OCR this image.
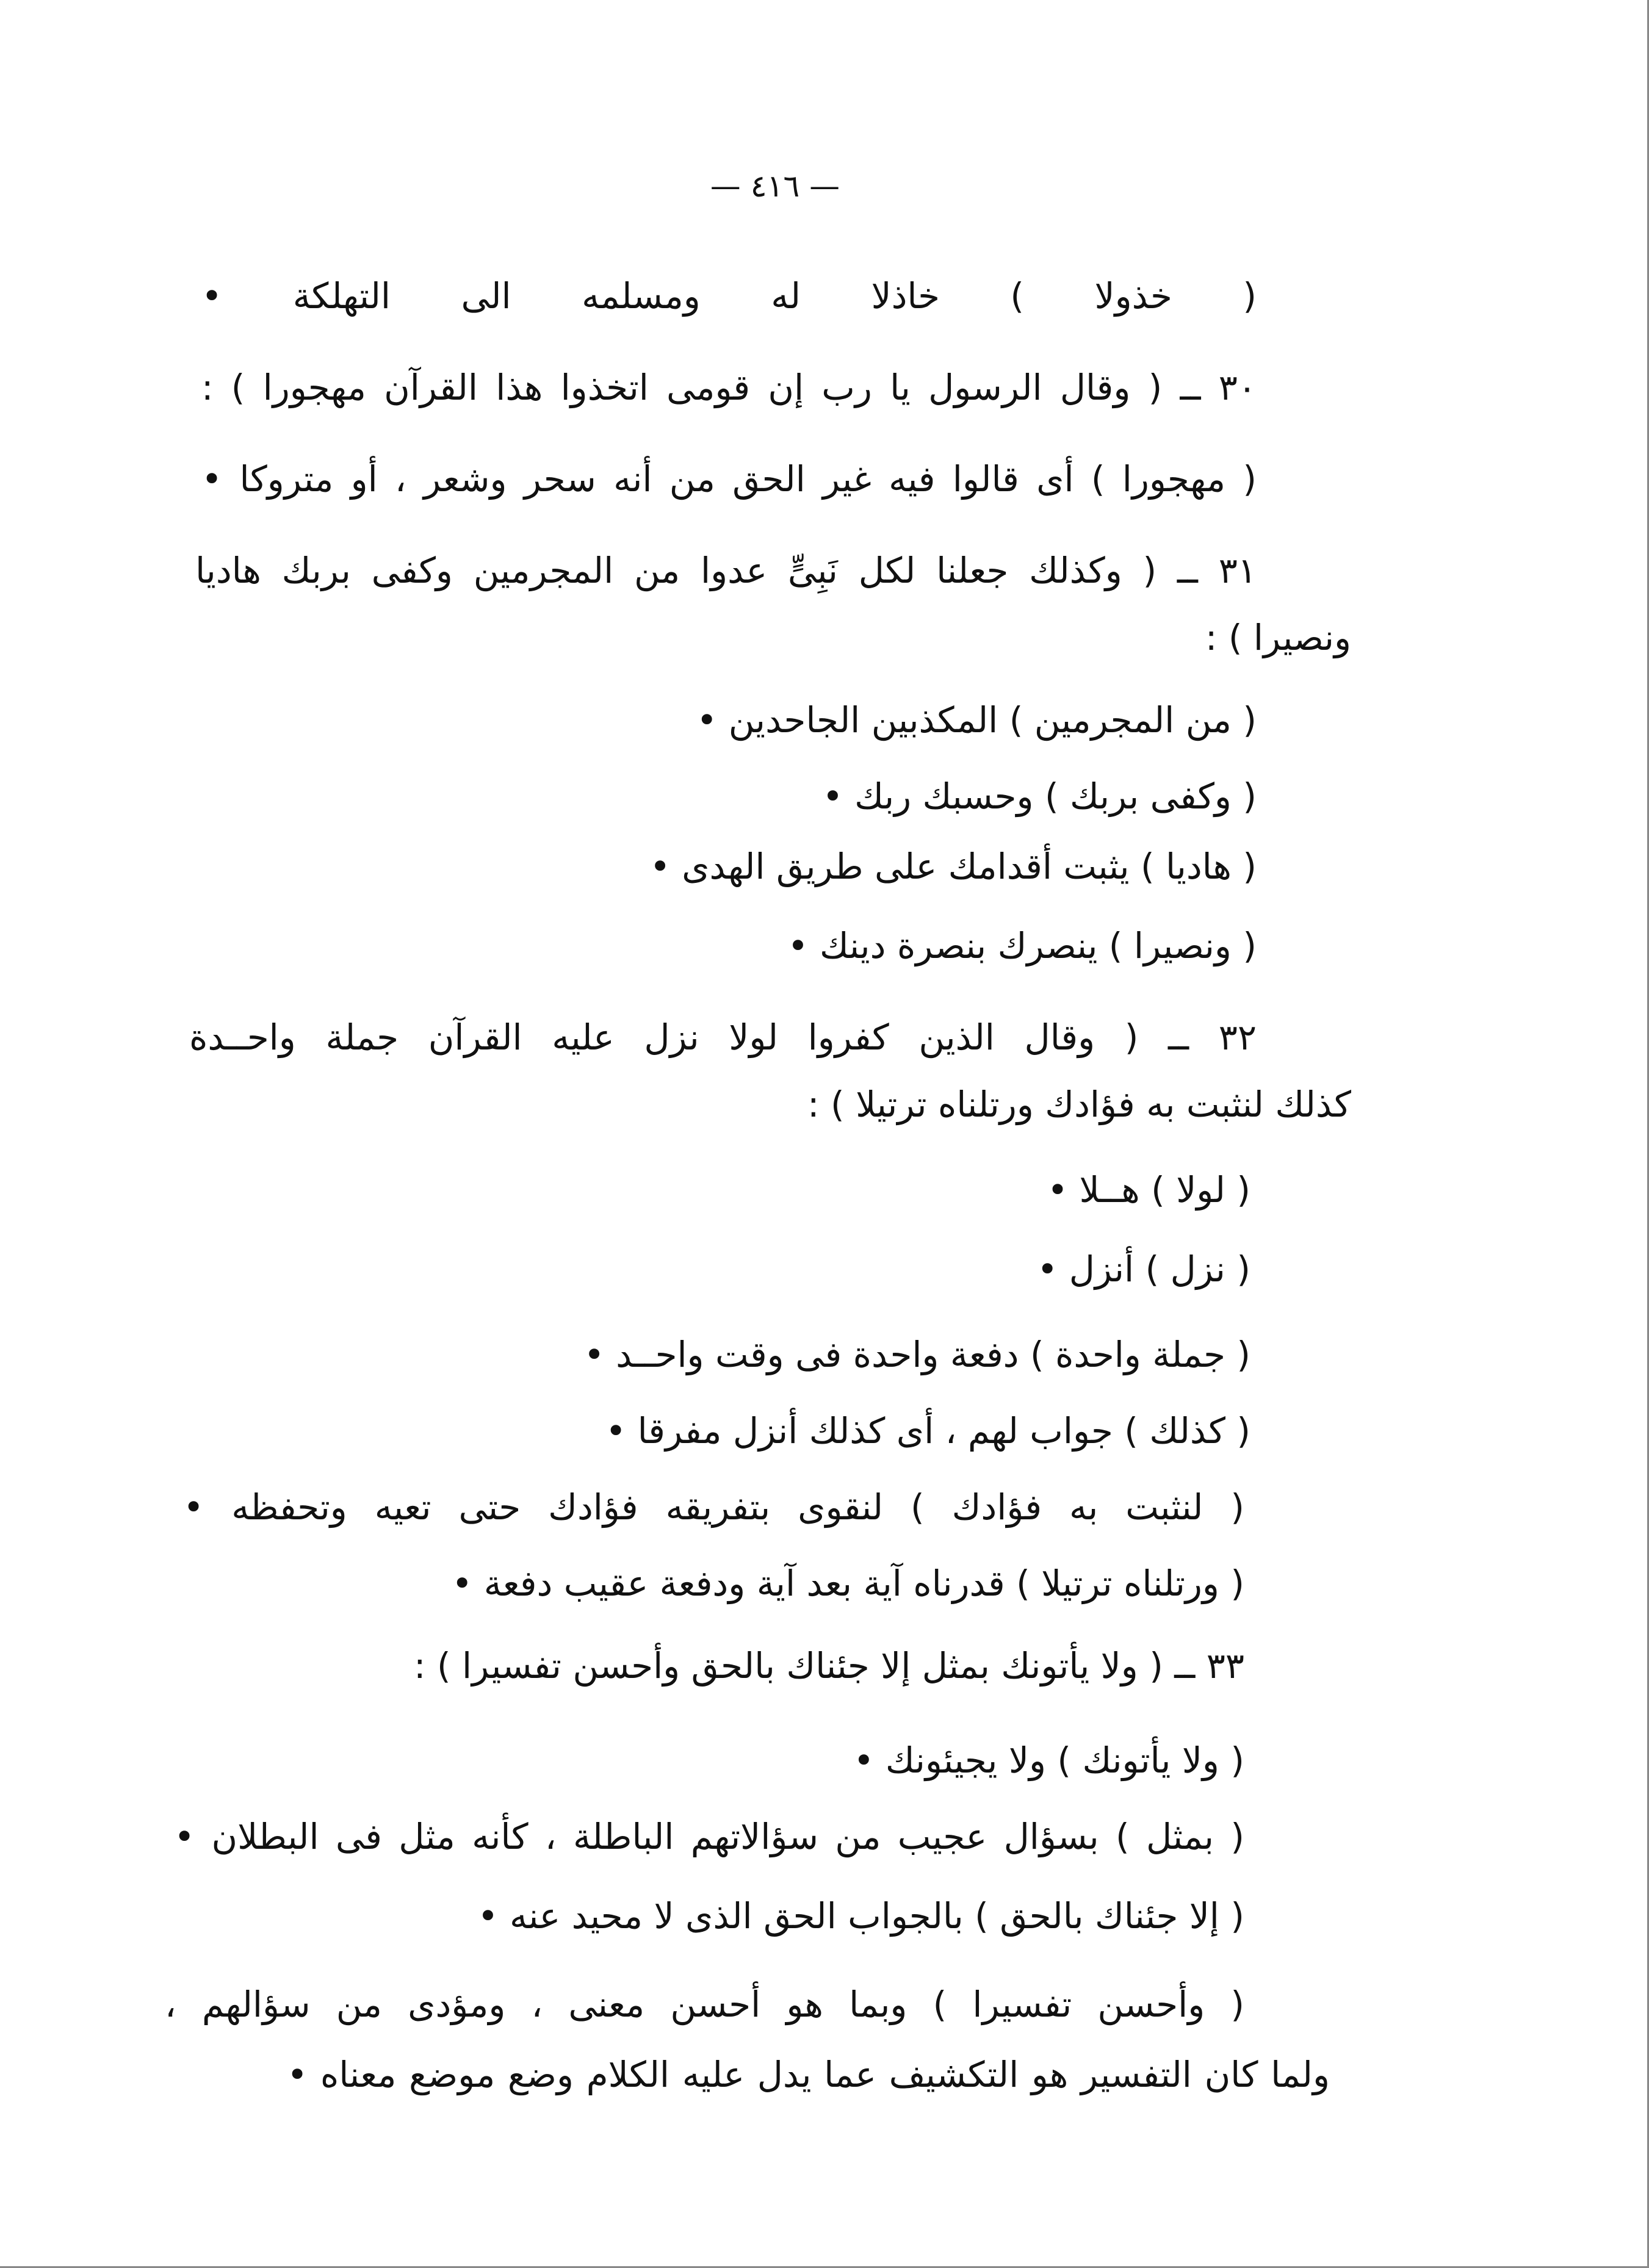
— ٤١٦ —
( خذولا ) خاذلا له ومسلمه الى التهلكة •
٣٠ ــ ( وقال الرسول يا رب إن قومى اتخذوا هذا القرآن مهجورا ) :
( مهجورا ) أى قالوا فيه غير الحق من أنه سحر وشعر ، أو متروكا •
٣١ ــ ( وكذلك جعلنا لكل نَبِىٍّ عدوا من المجرمين وكفى بربك هاديا
ونصيرا ) :
( من المجرمين ) المكذبين الجاحدين •
( وكفى بربك ) وحسبك ربك •
( هاديا ) يثبت أقدامك على طريق الهدى •
( ونصيرا ) ينصرك بنصرة دينك •
٣٢ ــ ( وقال الذين كفروا لولا نزل عليه القرآن جملة واحــدة
كذلك لنثبت به فؤادك ورتلناه ترتيلا ) :
( لولا ) هــلا •
( نزل ) أنزل •
( جملة واحدة ) دفعة واحدة فى وقت واحــد •
( كذلك ) جواب لهم ، أى كذلك أنزل مفرقا •
( لنثبت به فؤادك ) لنقوى بتفريقه فؤادك حتى تعيه وتحفظه •
( ورتلناه ترتيلا ) قدرناه آية بعد آية ودفعة عقيب دفعة •
٣٣ ــ ( ولا يأتونك بمثل إلا جئناك بالحق وأحسن تفسيرا ) :
( ولا يأتونك ) ولا يجيئونك •
( بمثل ) بسؤال عجيب من سؤالاتهم الباطلة ، كأنه مثل فى البطلان •
( إلا جئناك بالحق ) بالجواب الحق الذى لا محيد عنه •
( وأحسن تفسيرا ) وبما هو أحسن معنى ، ومؤدى من سؤالهم ،
ولما كان التفسير هو التكشيف عما يدل عليه الكلام وضع موضع معناه •
